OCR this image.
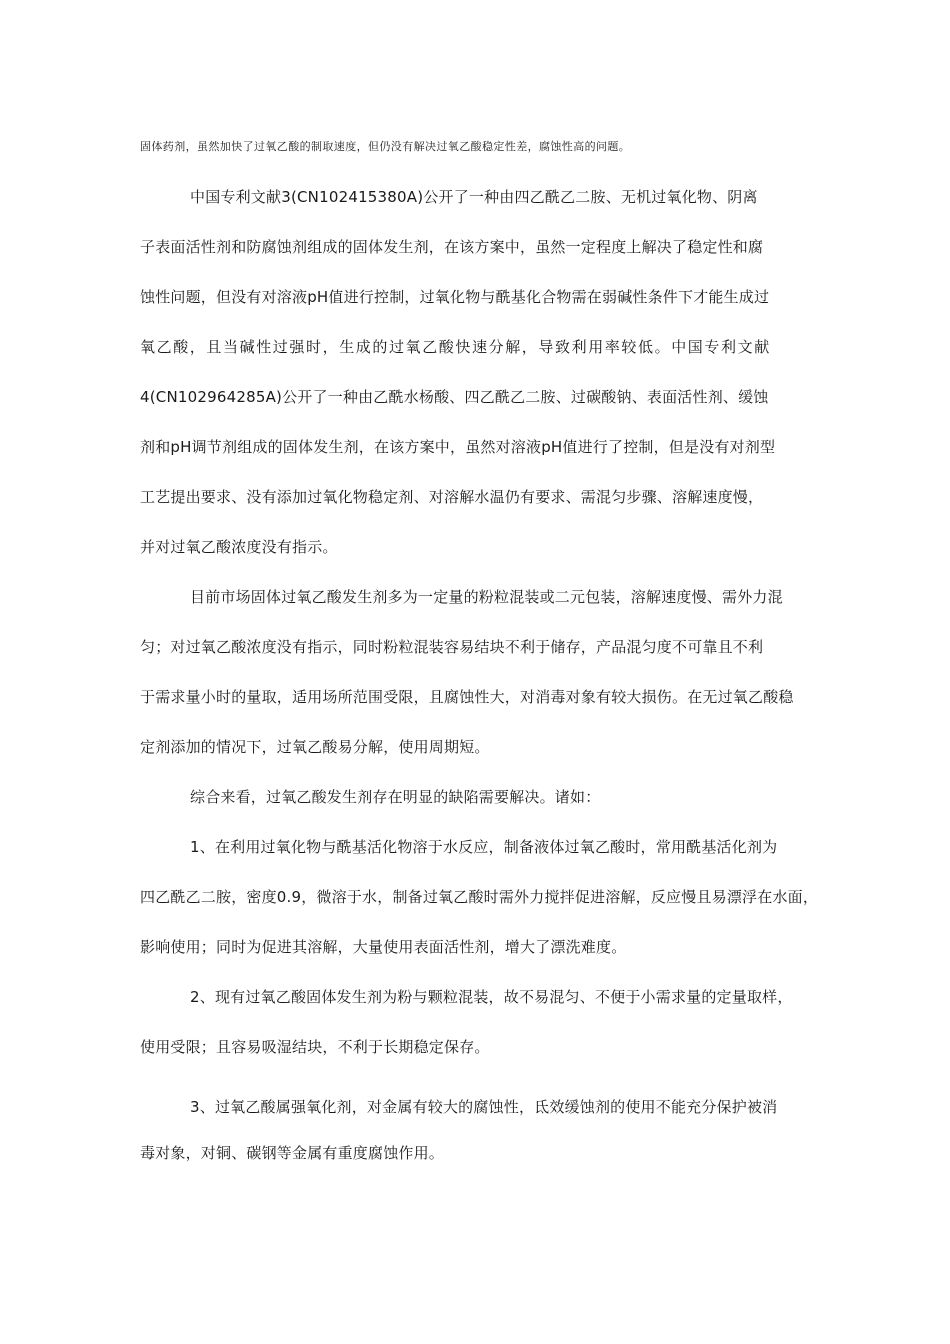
固体药剂，虽然加快了过氧乙酸的制取速度，但仍没有解决过氧乙酸稳定性差，腐蚀性高的问题。
中国专利文献3(CN102415380A)公开了一种由四乙酰乙二胺、无机过氧化物、阴离
子表面活性剂和防腐蚀剂组成的固体发生剂，在该方案中，虽然一定程度上解决了稳定性和腐
蚀性问题，但没有对溶液pH值进行控制，过氧化物与酰基化合物需在弱碱性条件下才能生成过
氧乙酸，且当碱性过强时，生成的过氧乙酸快速分解，导致利用率较低。中国专利文献
4(CN102964285A)公开了一种由乙酰水杨酸、四乙酰乙二胺、过碳酸钠、表面活性剂、缓蚀
剂和pH调节剂组成的固体发生剂，在该方案中，虽然对溶液pH值进行了控制，但是没有对剂型
工艺提出要求、没有添加过氧化物稳定剂、对溶解水温仍有要求、需混匀步骤、溶解速度慢，
并对过氧乙酸浓度没有指示。
目前市场固体过氧乙酸发生剂多为一定量的粉粒混装或二元包装，溶解速度慢、需外力混
匀；对过氧乙酸浓度没有指示，同时粉粒混装容易结块不利于储存，产品混匀度不可靠且不利
于需求量小时的量取，适用场所范围受限，且腐蚀性大，对消毒对象有较大损伤。在无过氧乙酸稳
定剂添加的情况下，过氧乙酸易分解，使用周期短。
综合来看，过氧乙酸发生剂存在明显的缺陷需要解决。诸如：
1、在利用过氧化物与酰基活化物溶于水反应，制备液体过氧乙酸时，常用酰基活化剂为
四乙酰乙二胺，密度0.9，微溶于水，制备过氧乙酸时需外力搅拌促进溶解，反应慢且易漂浮在水面，
影响使用；同时为促进其溶解，大量使用表面活性剂，增大了漂洗难度。
2、现有过氧乙酸固体发生剂为粉与颗粒混装，故不易混匀、不便于小需求量的定量取样，
使用受限；且容易吸湿结块，不利于长期稳定保存。
3、过氧乙酸属强氧化剂，对金属有较大的腐蚀性，氐效缓蚀剂的使用不能充分保护被消
毒对象，对铜、碳钢等金属有重度腐蚀作用。
